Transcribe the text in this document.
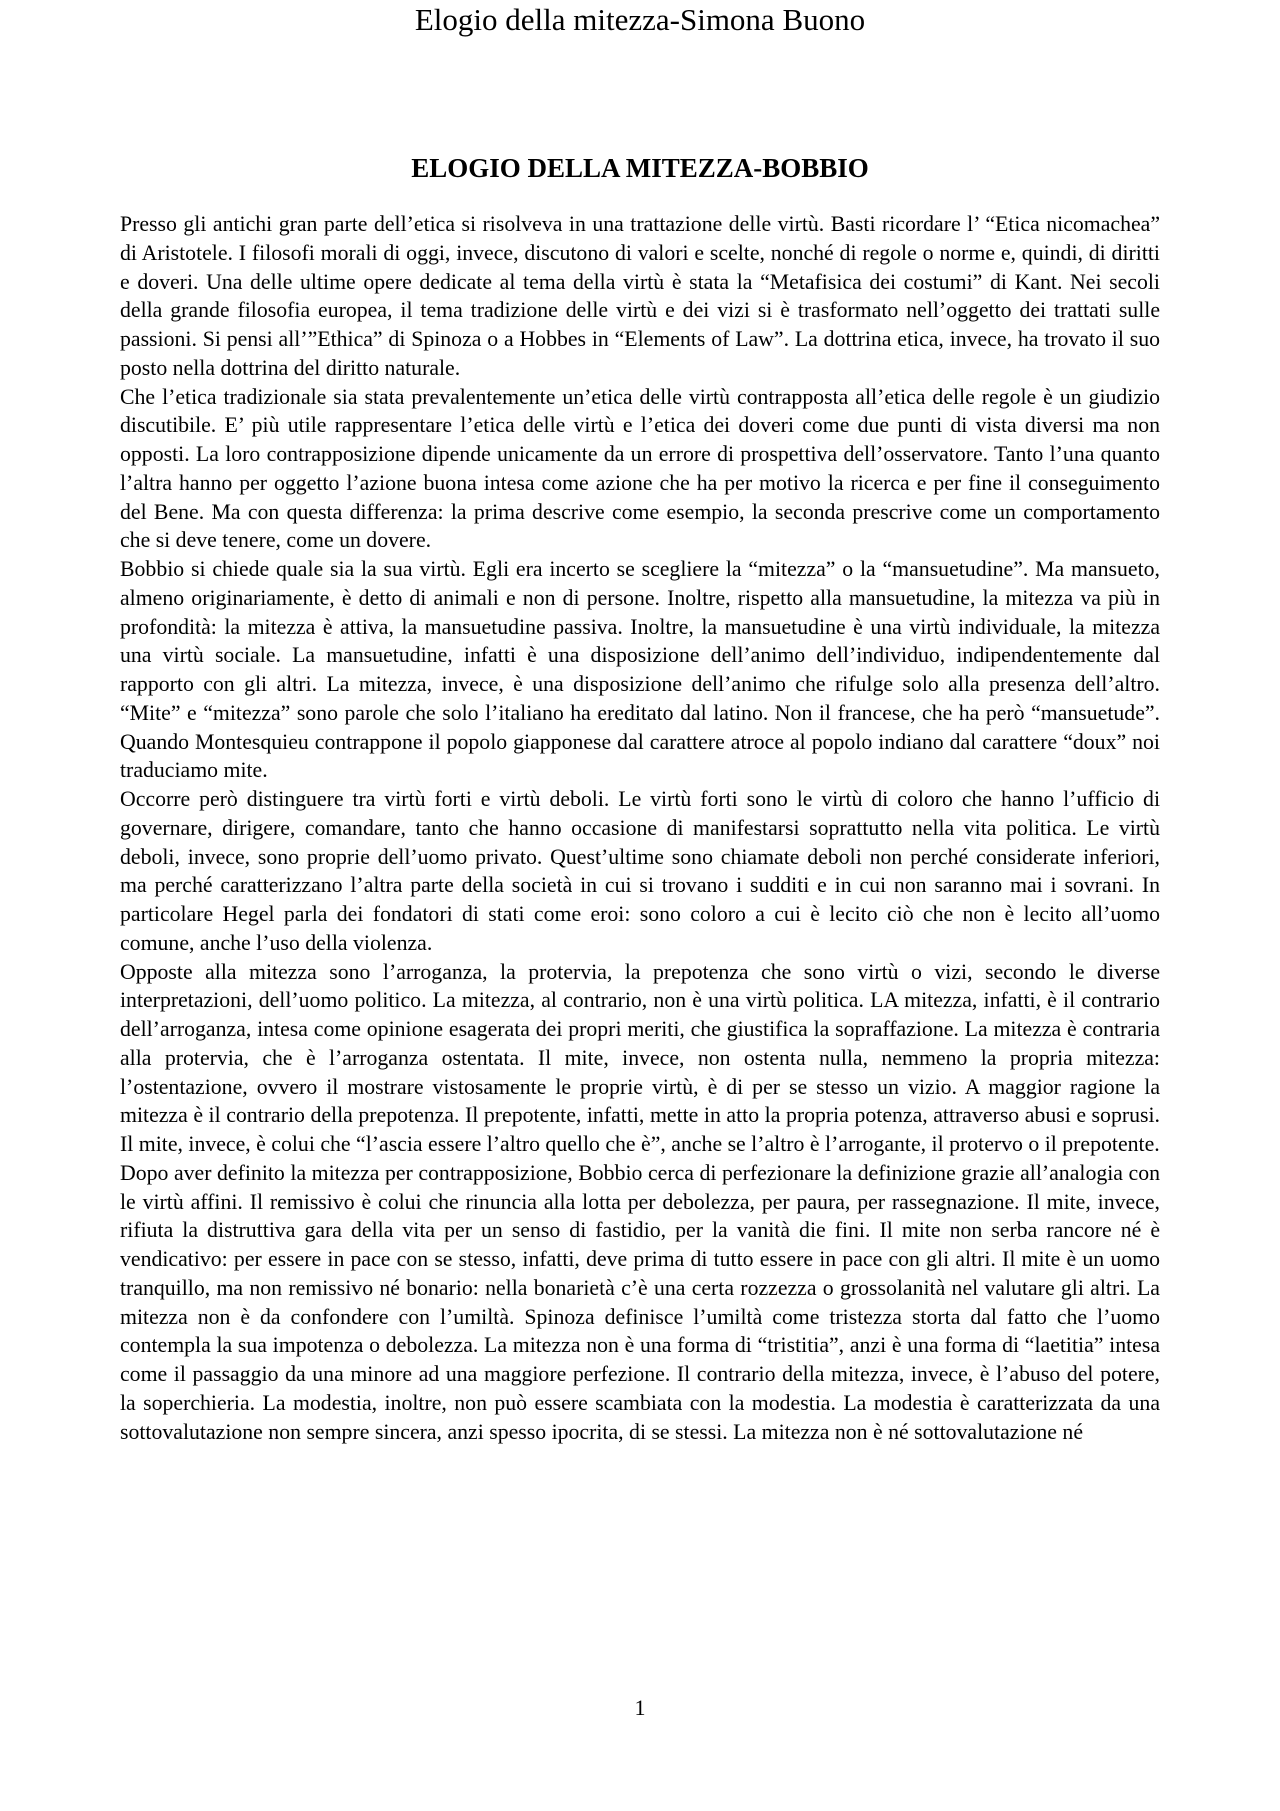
Elogio della mitezza-Simona Buono
ELOGIO DELLA MITEZZA-BOBBIO

Presso gli antichi gran parte dell’etica si risolveva in una trattazione delle virtù. Basti ricordare l’ “Etica nicomachea” di Aristotele. I filosofi morali di oggi, invece, discutono di valori e scelte, nonché di regole o norme e, quindi, di diritti e doveri. Una delle ultime opere dedicate al tema della virtù è stata la “Metafisica dei costumi” di Kant. Nei secoli della grande filosofia europea, il tema tradizione delle virtù e dei vizi si è trasformato nell’oggetto dei trattati sulle passioni. Si pensi all’”Ethica” di Spinoza o a Hobbes in “Elements of Law”. La dottrina etica, invece, ha trovato il suo posto nella dottrina del diritto naturale.

Che l’etica tradizionale sia stata prevalentemente un’etica delle virtù contrapposta all’etica delle regole è un giudizio discutibile. E’ più utile rappresentare l’etica delle virtù e l’etica dei doveri come due punti di vista diversi ma non opposti. La loro contrapposizione dipende unicamente da un errore di prospettiva dell’osservatore. Tanto l’una quanto l’altra hanno per oggetto l’azione buona intesa come azione che ha per motivo la ricerca e per fine il conseguimento del Bene. Ma con questa differenza: la prima descrive come esempio, la seconda prescrive come un comportamento che si deve tenere, come un dovere.

Bobbio si chiede quale sia la sua virtù. Egli era incerto se scegliere la “mitezza” o la “mansuetudine”. Ma mansueto, almeno originariamente, è detto di animali e non di persone. Inoltre, rispetto alla mansuetudine, la mitezza va più in profondità: la mitezza è attiva, la mansuetudine passiva. Inoltre, la mansuetudine è una virtù individuale, la mitezza una virtù sociale. La mansuetudine, infatti è una disposizione dell’animo dell’individuo, indipendentemente dal rapporto con gli altri. La mitezza, invece, è una disposizione dell’animo che rifulge solo alla presenza dell’altro. “Mite” e “mitezza” sono parole che solo l’italiano ha ereditato dal latino. Non il francese, che ha però “mansuetude”. Quando Montesquieu contrappone il popolo giapponese dal carattere atroce al popolo indiano dal carattere “doux” noi traduciamo mite.

Occorre però distinguere tra virtù forti e virtù deboli. Le virtù forti sono le virtù di coloro che hanno l’ufficio di governare, dirigere, comandare, tanto che hanno occasione di manifestarsi soprattutto nella vita politica. Le virtù deboli, invece, sono proprie dell’uomo privato. Quest’ultime sono chiamate deboli non perché considerate inferiori, ma perché caratterizzano l’altra parte della società in cui si trovano i sudditi e in cui non saranno mai i sovrani. In particolare Hegel parla dei fondatori di stati come eroi: sono coloro a cui è lecito ciò che non è lecito all’uomo comune, anche l’uso della violenza.

Opposte alla mitezza sono l’arroganza, la protervia, la prepotenza che sono virtù o vizi, secondo le diverse interpretazioni, dell’uomo politico. La mitezza, al contrario, non è una virtù politica. LA mitezza, infatti, è il contrario dell’arroganza, intesa come opinione esagerata dei propri meriti, che giustifica la sopraffazione. La mitezza è contraria alla protervia, che è l’arroganza ostentata. Il mite, invece, non ostenta nulla, nemmeno la propria mitezza: l’ostentazione, ovvero il mostrare vistosamente le proprie virtù, è di per se stesso un vizio. A maggior ragione la mitezza è il contrario della prepotenza. Il prepotente, infatti, mette in atto la propria potenza, attraverso abusi e soprusi. Il mite, invece, è colui che “l’ascia essere l’altro quello che è”, anche se l’altro è l’arrogante, il protervo o il prepotente.

Dopo aver definito la mitezza per contrapposizione, Bobbio cerca di perfezionare la definizione grazie all’analogia con le virtù affini. Il remissivo è colui che rinuncia alla lotta per debolezza, per paura, per rassegnazione. Il mite, invece, rifiuta la distruttiva gara della vita per un senso di fastidio, per la vanità die fini. Il mite non serba rancore né è vendicativo: per essere in pace con se stesso, infatti, deve prima di tutto essere in pace con gli altri. Il mite è un uomo tranquillo, ma non remissivo né bonario: nella bonarietà c’è una certa rozzezza o grossolanità nel valutare gli altri. La mitezza non è da confondere con l’umiltà. Spinoza definisce l’umiltà come tristezza storta dal fatto che l’uomo contempla la sua impotenza o debolezza. La mitezza non è una forma di “tristitia”, anzi è una forma di “laetitia” intesa come il passaggio da una minore ad una maggiore perfezione. Il contrario della mitezza, invece, è l’abuso del potere, la soperchieria. La modestia, inoltre, non può essere scambiata con la modestia. La modestia è caratterizzata da una sottovalutazione non sempre sincera, anzi spesso ipocrita, di se stessi. La mitezza non è né sottovalutazione né

1
